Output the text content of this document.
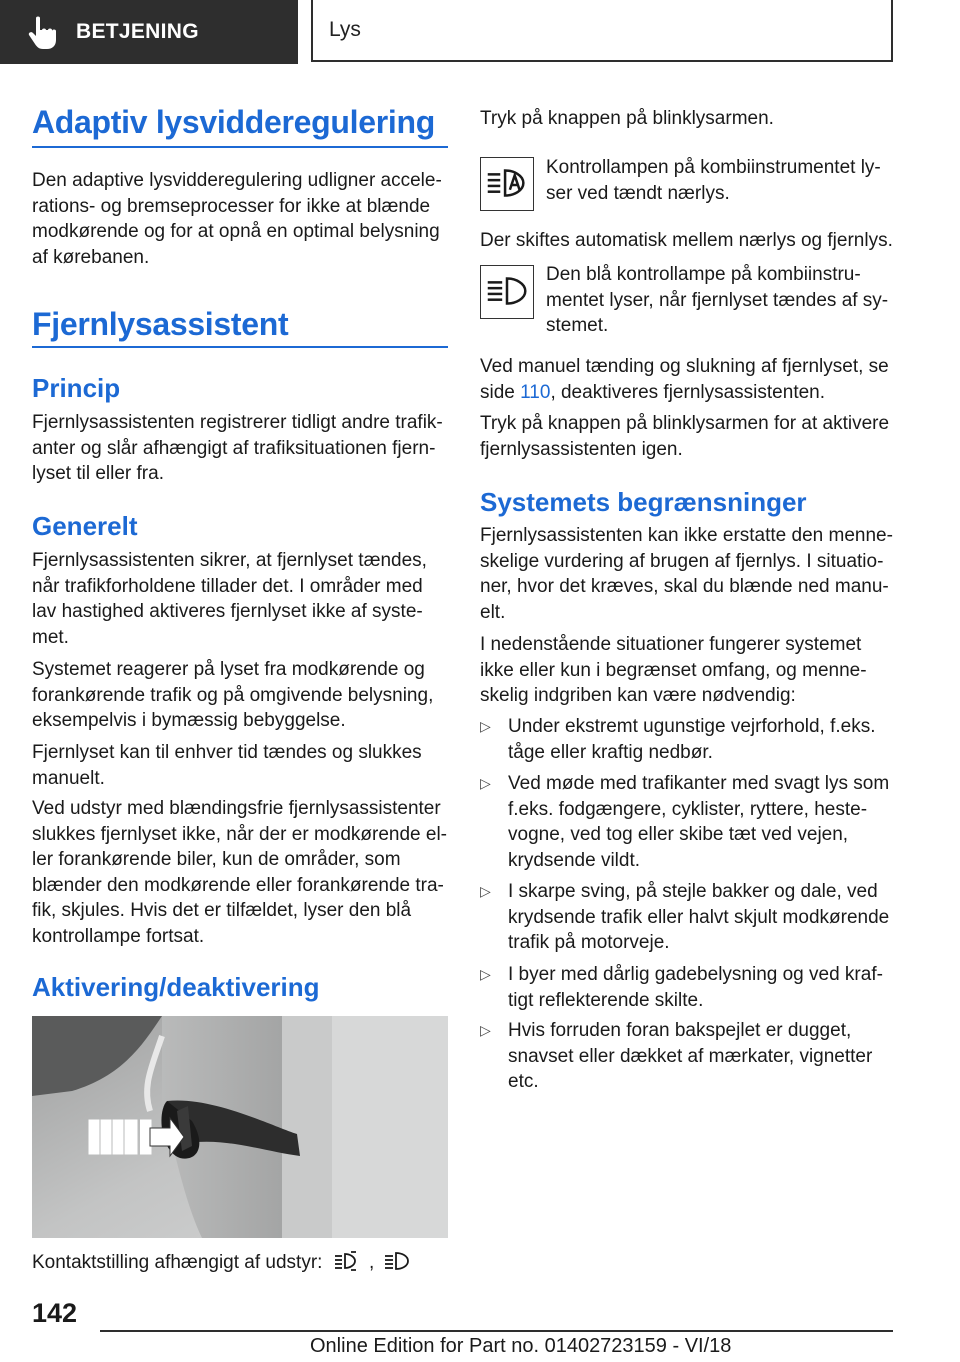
BETJENING	Lys
Adaptiv lysvidderegulering

Den adaptive lysvidderegulering udligner accele-
rations- og bremseprocesser for ikke at blænde
modkørende og for at opnå en optimal belysning
af kørebanen.

Fjernlysassistent
Princip

Fjernlysassistenten registrerer tidligt andre trafik-
anter og slår afhængigt af trafiksituationen fjern-
lyset til eller fra.

Generelt

Fjernlysassistenten sikrer, at fjernlyset tændes,
når trafikforholdene tillader det. I områder med
lav hastighed aktiveres fjernlyset ikke af syste-
met.

Systemet reagerer på lyset fra modkørende og
forankørende trafik og på omgivende belysning,
eksempelvis i bymæssig bebyggelse.

Fjernlyset kan til enhver tid tændes og slukkes
manuelt.

Ved udstyr med blændingsfrie fjernlysassistenter
slukkes fjernlyset ikke, når der er modkørende el-
ler forankørende biler, kun de områder, som
blænder den modkørende eller forankørende tra-
fik, skjules. Hvis det er tilfældet, lyser den blå
kontrollampe fortsat.

Aktivering/deaktivering

Kontaktstilling afhængigt af udstyr: ,

Tryk på knappen på blinklysarmen.

Kontrollampen på kombiinstrumentet ly-
ser ved tændt nærlys.

Der skiftes automatisk mellem nærlys og fjernlys.

Den blå kontrollampe på kombiinstru-
mentet lyser, når fjernlyset tændes af sy-
stemet.

Ved manuel tænding og slukning af fjernlyset, se
side 110, deaktiveres fjernlysassistenten.

Tryk på knappen på blinklysarmen for at aktivere
fjernlysassistenten igen.

Systemets begrænsninger

Fjernlysassistenten kan ikke erstatte den menne-
skelige vurdering af brugen af fjernlys. I situatio-
ner, hvor det kræves, skal du blænde ned manu-
elt.

I nedenstående situationer fungerer systemet
ikke eller kun i begrænset omfang, og menne-
skelig indgriben kan være nødvendig:

▷ Under ekstremt ugunstige vejrforhold, f.eks.
tåge eller kraftig nedbør.
▷ Ved møde med trafikanter med svagt lys som
f.eks. fodgængere, cyklister, ryttere, heste-
vogne, ved tog eller skibe tæt ved vejen,
krydsende vildt.
▷ I skarpe sving, på stejle bakker og dale, ved
krydsende trafik eller halvt skjult modkørende
trafik på motorveje.
▷ I byer med dårlig gadebelysning og ved kraf-
tigt reflekterende skilte.
▷ Hvis forruden foran bakspejlet er dugget,
snavset eller dækket af mærkater, vignetter
etc.
142
Online Edition for Part no. 01402723159 - VI/18
